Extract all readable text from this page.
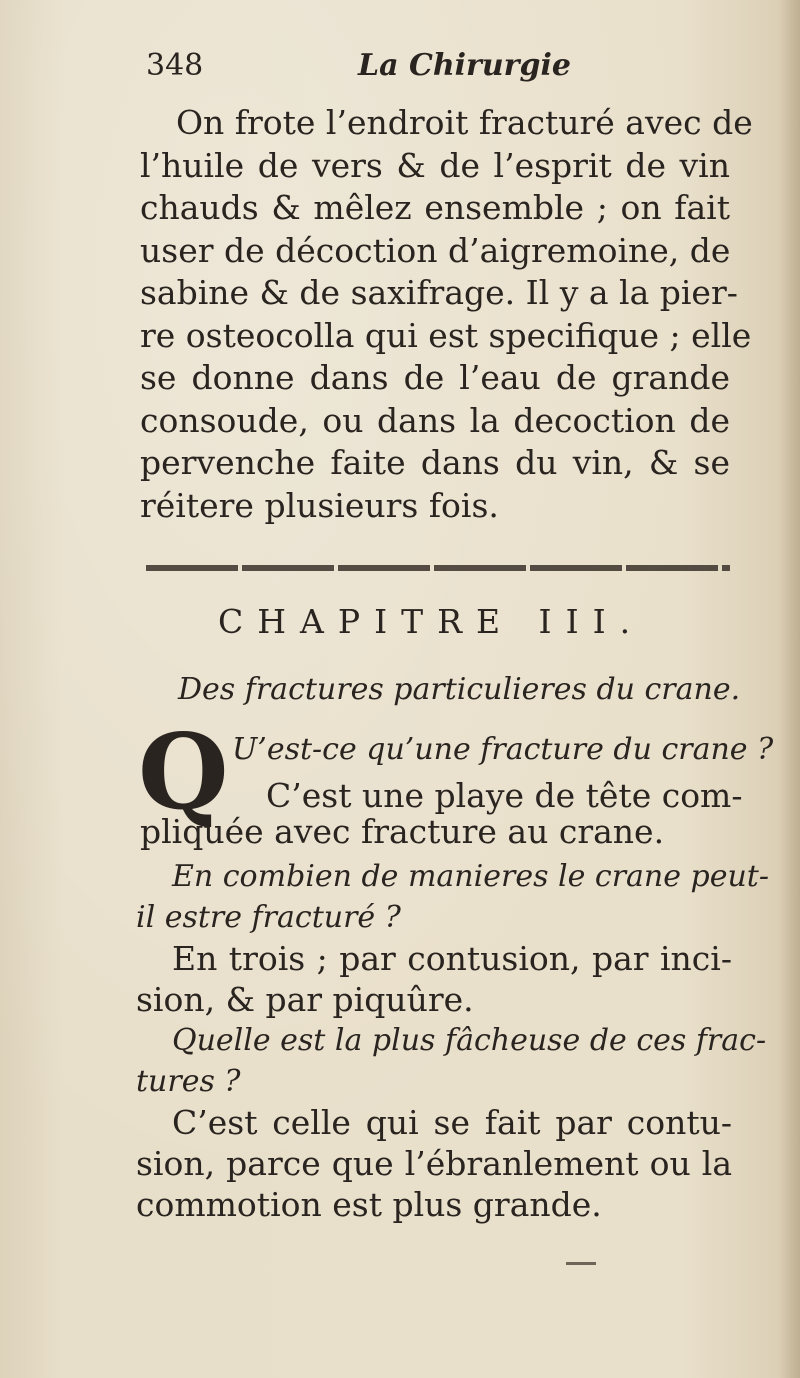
348	La Chirurgie
On frote l’endroit fracturé avec de
l’huile de vers & de l’esprit de vin
chauds & mêlez ensemble ; on fait
user de décoction d’aigremoine, de
sabine & de saxifrage. Il y a la pier-
re osteocolla qui est specifique ; elle
se donne dans de l’eau de grande
consoude, ou dans la decoction de
pervenche faite dans du vin, & se
réitere plusieurs fois.
CHAPITRE III.
Des fractures particulieres du crane.
Q U’est-ce qu’une fracture du crane ?
C’est une playe de tête com-
pliquée avec fracture au crane.
En combien de manieres le crane peut-
il estre fracturé ?
En trois ; par contusion, par inci-
sion, & par piquûre.
Quelle est la plus fâcheuse de ces frac-
tures ?
C’est celle qui se fait par contu-
sion, parce que l’ébranlement ou la
commotion est plus grande.
